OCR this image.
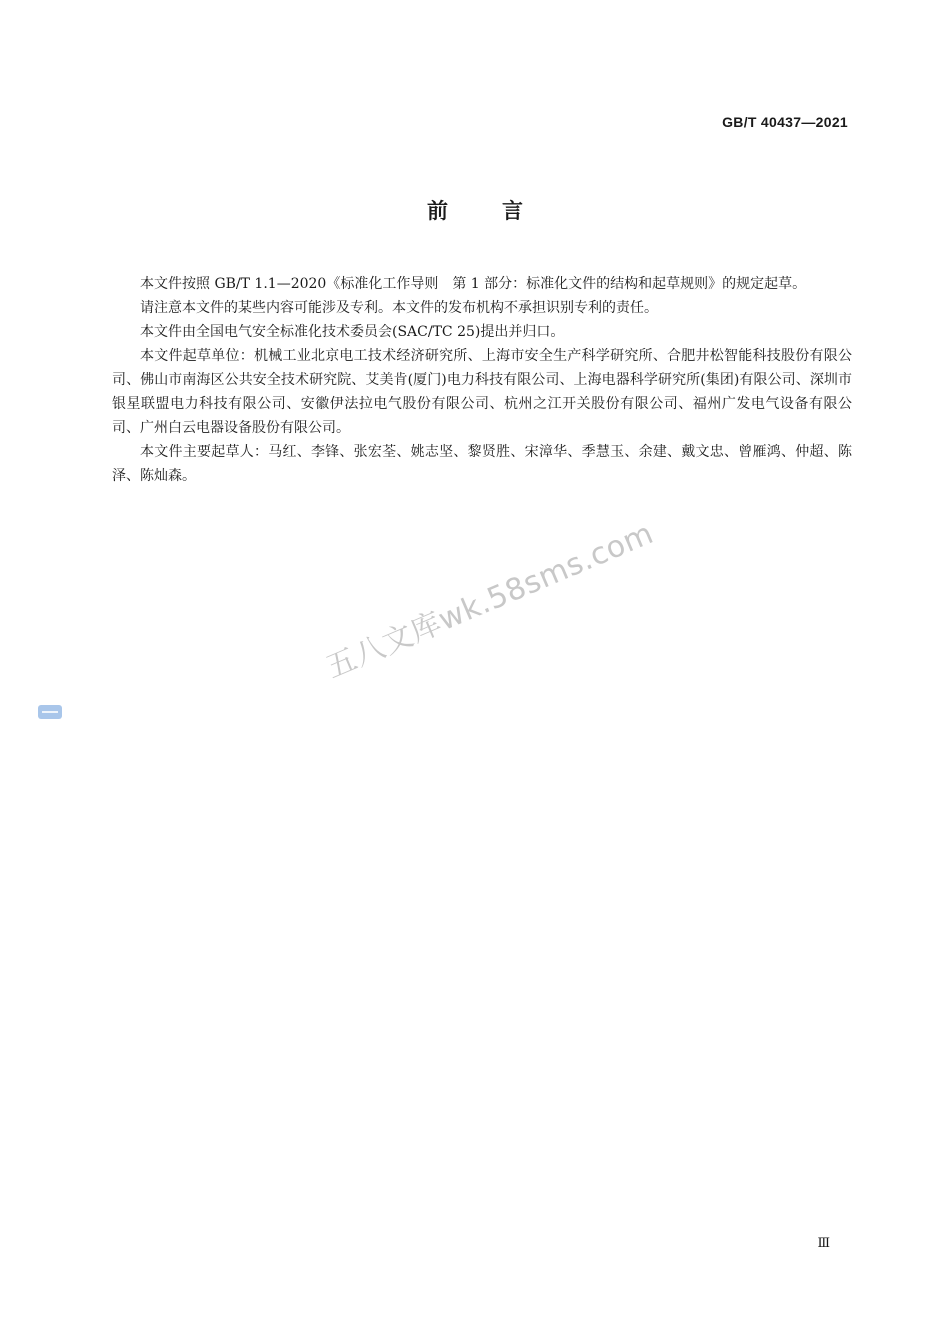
GB/T 40437—2021
前言

本文件按照 GB/T 1.1—2020《标准化工作导则　第 1 部分：标准化文件的结构和起草规则》的规定起草。

请注意本文件的某些内容可能涉及专利。本文件的发布机构不承担识别专利的责任。

本文件由全国电气安全标准化技术委员会(SAC/TC 25)提出并归口。

本文件起草单位：机械工业北京电工技术经济研究所、上海市安全生产科学研究所、合肥井松智能科技股份有限公司、佛山市南海区公共安全技术研究院、艾美肯(厦门)电力科技有限公司、上海电器科学研究所(集团)有限公司、深圳市银星联盟电力科技有限公司、安徽伊法拉电气股份有限公司、杭州之江开关股份有限公司、福州广发电气设备有限公司、广州白云电器设备股份有限公司。

本文件主要起草人：马红、李锋、张宏荃、姚志坚、黎贤胜、宋漳华、季慧玉、余建、戴文忠、曾雁鸿、仲超、陈泽、陈灿森。

五八文库wk.58sms.com
Ⅲ
